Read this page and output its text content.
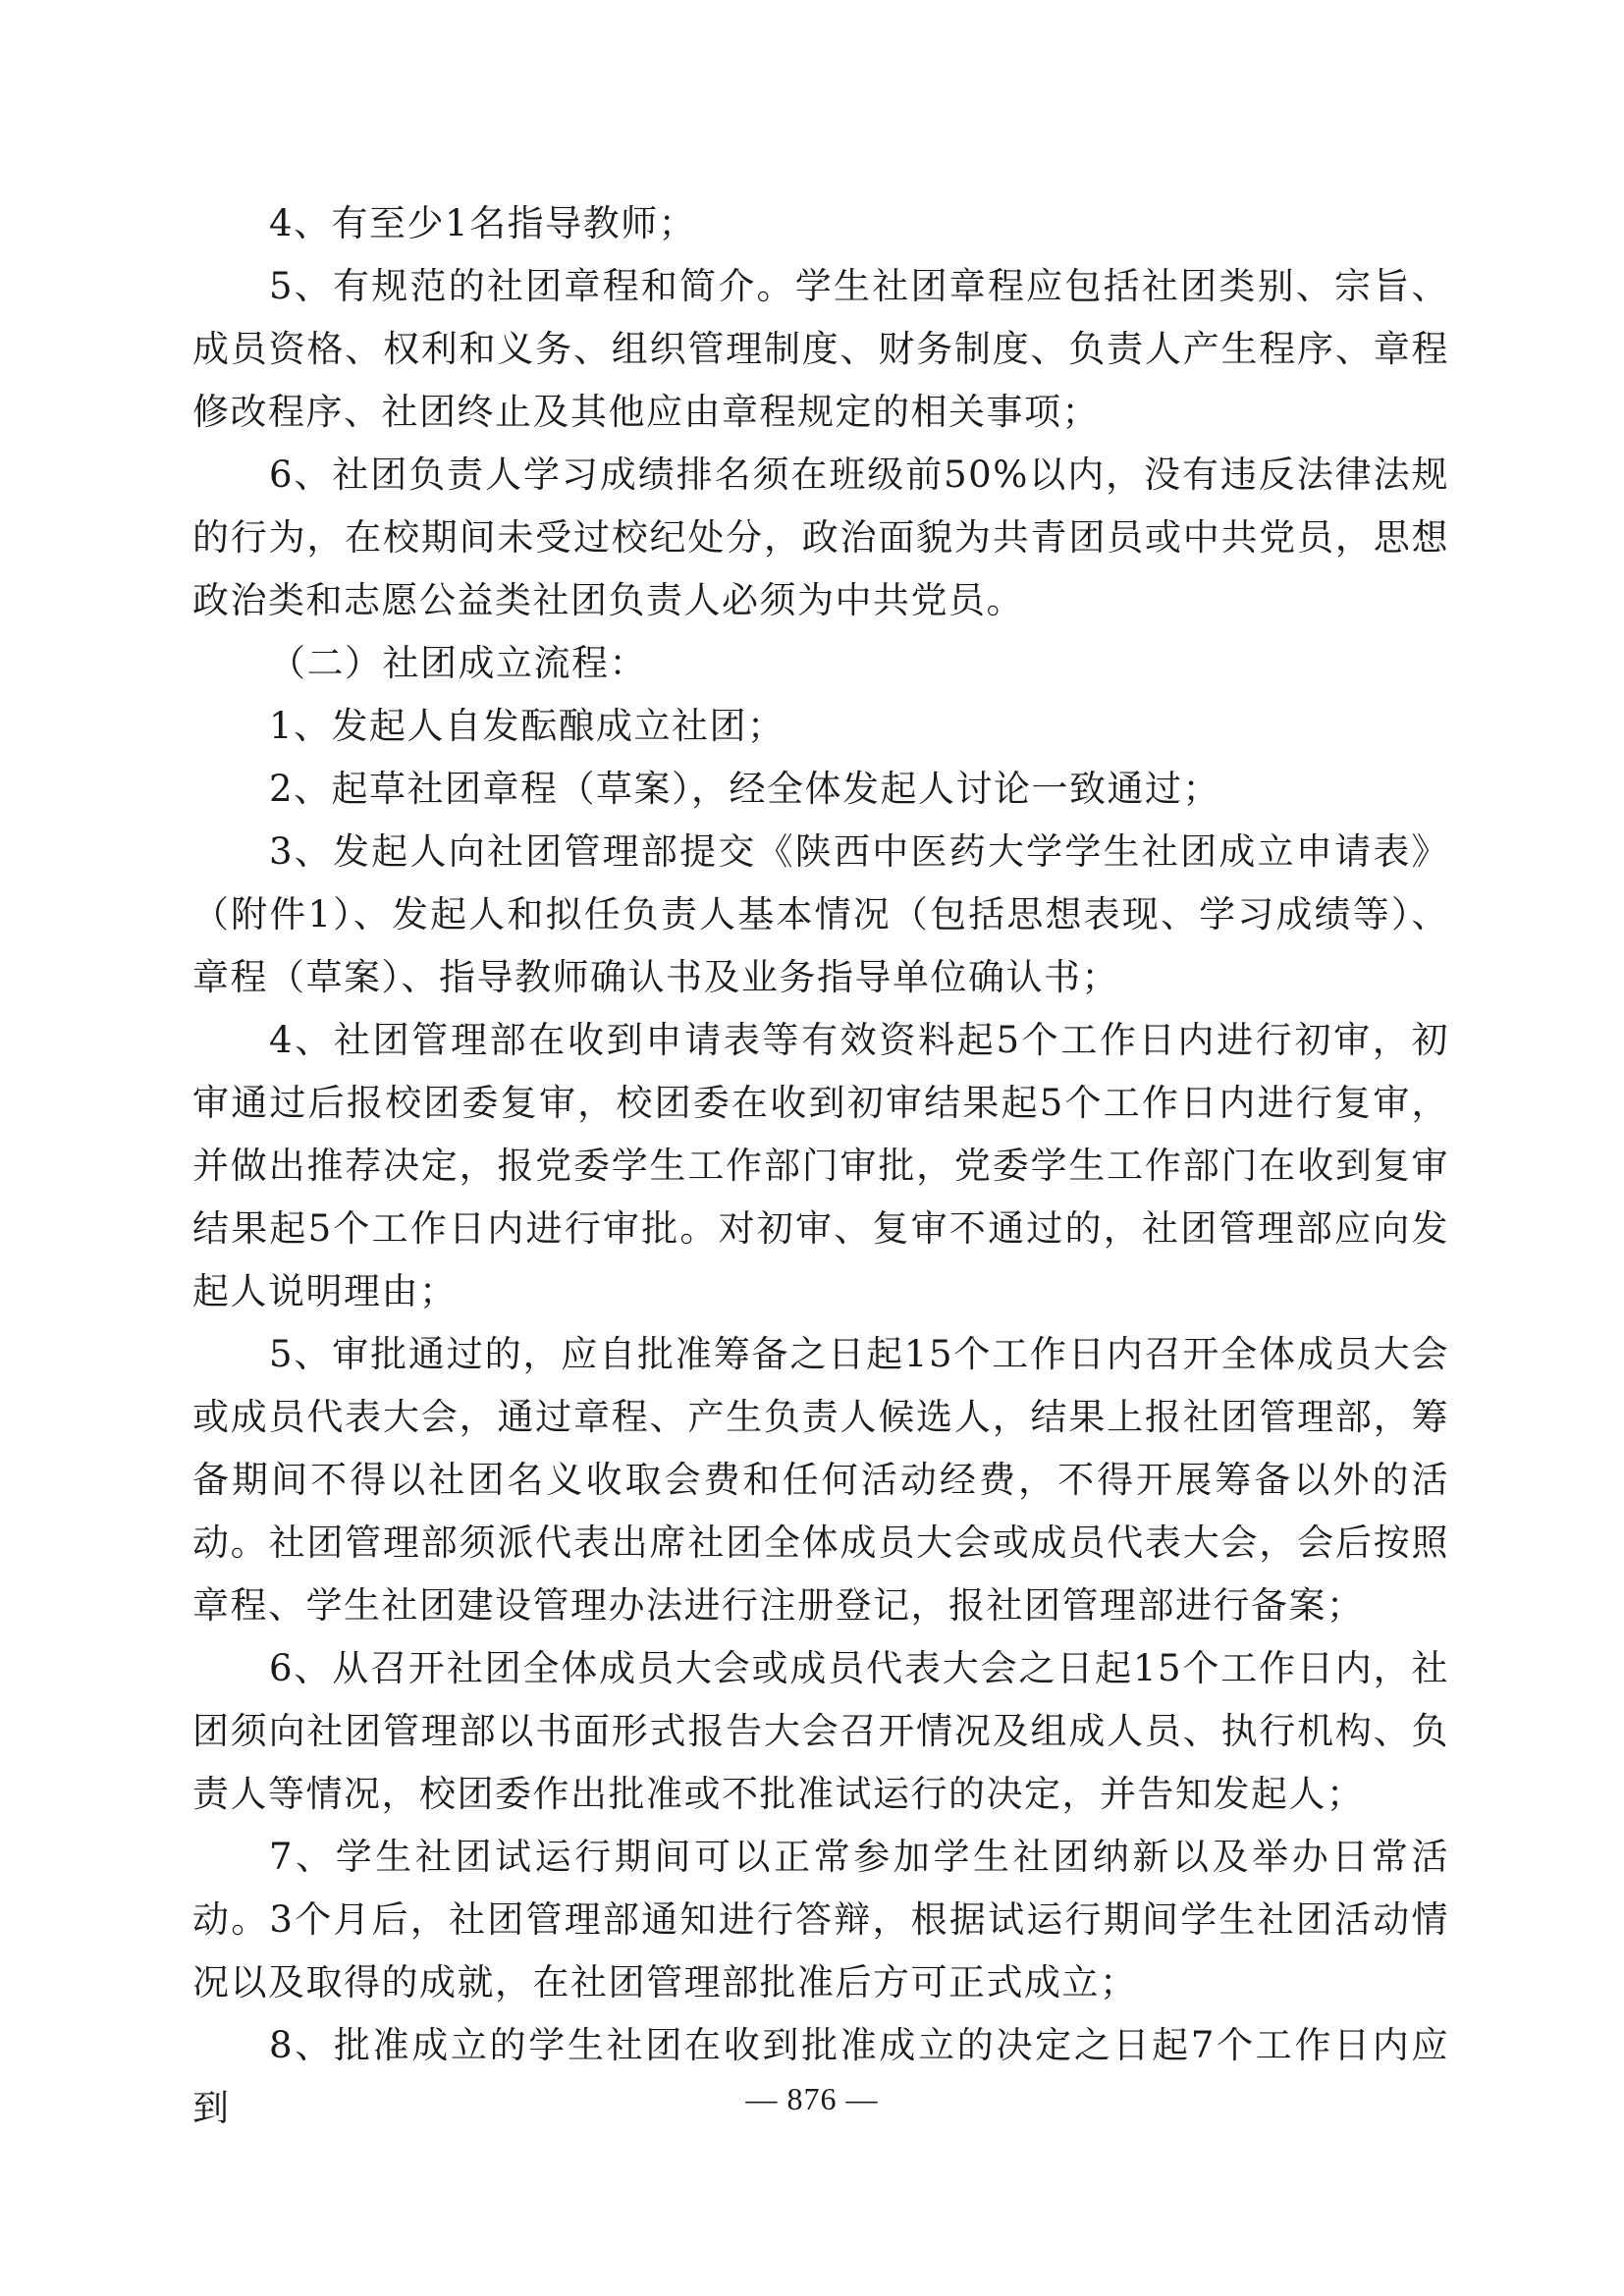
4、有至少1名指导教师；

5、有规范的社团章程和简介。学生社团章程应包括社团类别、宗旨、成员资格、权利和义务、组织管理制度、财务制度、负责人产生程序、章程修改程序、社团终止及其他应由章程规定的相关事项；

6、社团负责人学习成绩排名须在班级前50%以内，没有违反法律法规的行为，在校期间未受过校纪处分，政治面貌为共青团员或中共党员，思想政治类和志愿公益类社团负责人必须为中共党员。

（二）社团成立流程：

1、发起人自发酝酿成立社团；

2、起草社团章程（草案），经全体发起人讨论一致通过；

3、发起人向社团管理部提交《陕西中医药大学学生社团成立申请表》（附件1）、发起人和拟任负责人基本情况（包括思想表现、学习成绩等）、章程（草案）、指导教师确认书及业务指导单位确认书；

4、社团管理部在收到申请表等有效资料起5个工作日内进行初审，初审通过后报校团委复审，校团委在收到初审结果起5个工作日内进行复审，并做出推荐决定，报党委学生工作部门审批，党委学生工作部门在收到复审结果起5个工作日内进行审批。对初审、复审不通过的，社团管理部应向发起人说明理由；

5、审批通过的，应自批准筹备之日起15个工作日内召开全体成员大会或成员代表大会，通过章程、产生负责人候选人，结果上报社团管理部，筹备期间不得以社团名义收取会费和任何活动经费，不得开展筹备以外的活动。社团管理部须派代表出席社团全体成员大会或成员代表大会，会后按照章程、学生社团建设管理办法进行注册登记，报社团管理部进行备案；

6、从召开社团全体成员大会或成员代表大会之日起15个工作日内，社团须向社团管理部以书面形式报告大会召开情况及组成人员、执行机构、负责人等情况，校团委作出批准或不批准试运行的决定，并告知发起人；

7、学生社团试运行期间可以正常参加学生社团纳新以及举办日常活动。3个月后，社团管理部通知进行答辩，根据试运行期间学生社团活动情况以及取得的成就，在社团管理部批准后方可正式成立；

8、批准成立的学生社团在收到批准成立的决定之日起7个工作日内应到	— 876 —
